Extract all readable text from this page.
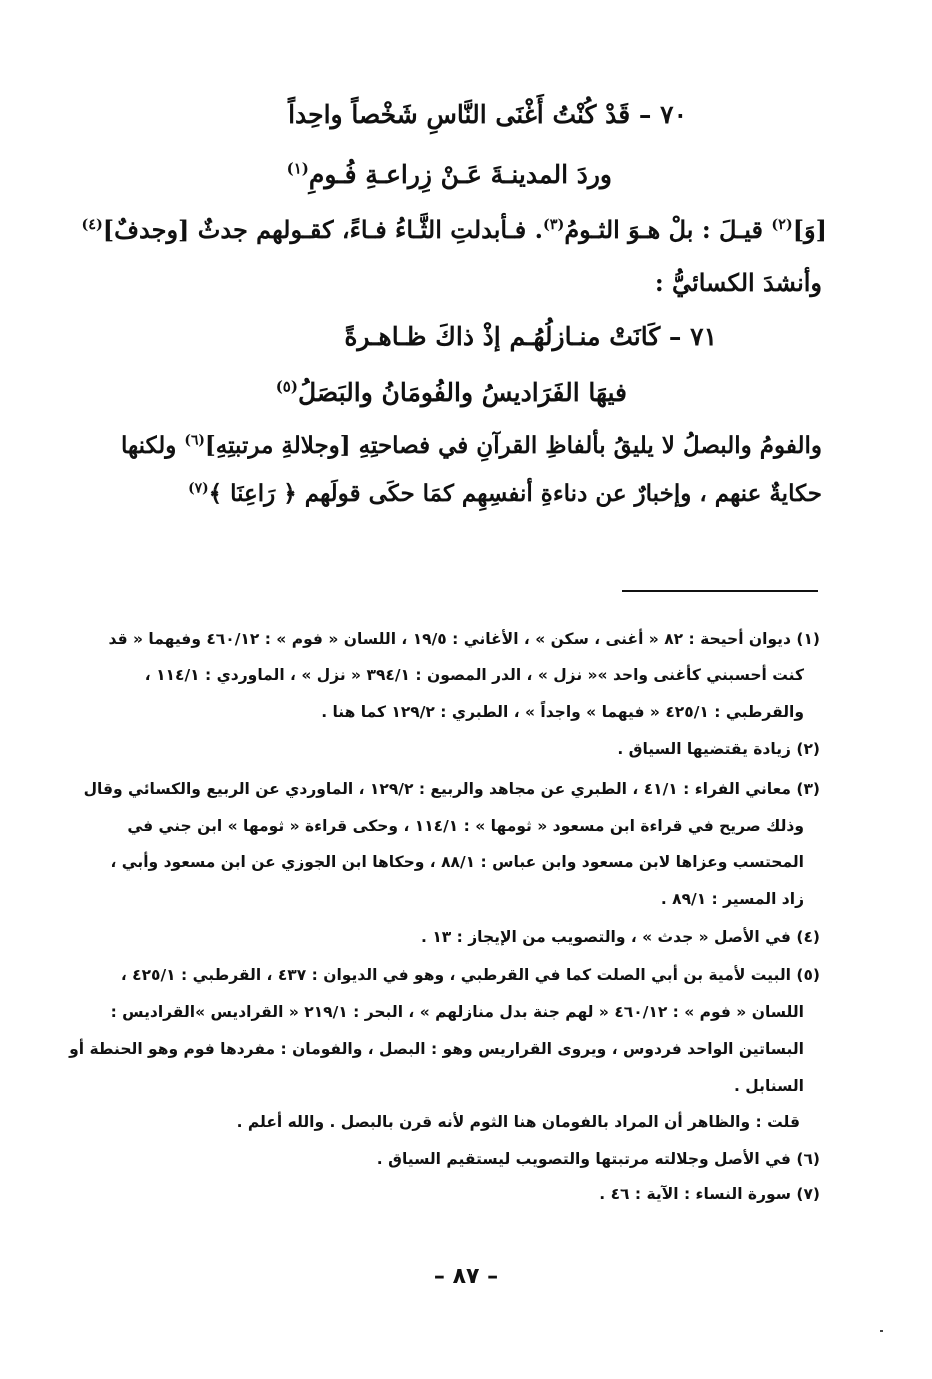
٧٠ – قَدْ كُنْتُ أَغْنَى النَّاسِ شَخْصاً واحِداً
وردَ المدينـةَ عَـنْ زِراعـةِ فُـومِ$^{(١)}$
[وَ]$^{(٢)}$ قيـلَ : بلْ هـوَ الثـومُ$^{(٣)}$. فـأبدلتِ الثَّـاءُ فـاءً، كقـولهم جدثٌ [وجدفٌ]$^{(٤)}$
وأنشدَ الكسائيُّ :
٧١ – كَانَتْ منـازلُهُـم إذْ ذاكَ ظـاهـرةً
فيهَا الفَرَاديسُ والفُومَانُ والبَصَلُ$^{(٥)}$
والفومُ والبصلُ لا يليقُ بألفاظِ القرآنِ في فصاحتِهِ [وجلالةِ مرتبتِهِ]$^{(٦)}$ ولكنها
حكايةٌ عنهم ، وإخبارٌ عن دناءةِ أنفسِهِم كمَا حكَى قولَهم ﴿ رَاعِنَا ﴾$^{(٧)}$
(١) ديوان أحيحة : ٨٢ « أغنى ، سكن » ، الأغاني : ١٩/٥ ، اللسان « فوم » : ٤٦٠/١٢ وفيهما « قد
كنت أحسبني كأغنى واحد »« نزل » ، الدر المصون : ٣٩٤/١ « نزل » ، الماوردي : ١١٤/١ ،
والقرطبي : ٤٢٥/١ « فيهما » واجداً » ، الطبري : ١٢٩/٢ كما هنا .
(٢) زيادة يقتضيها السياق .
(٣) معاني الفراء : ٤١/١ ، الطبري عن مجاهد والربيع : ١٢٩/٢ ، الماوردي عن الربيع والكسائي وقال
وذلك صريح في قراءة ابن مسعود « ثومها » : ١١٤/١ ، وحكى قراءة « ثومها » ابن جني في
المحتسب وعزاها لابن مسعود وابن عباس : ٨٨/١ ، وحكاها ابن الجوزي عن ابن مسعود وأبي ،
زاد المسير : ٨٩/١ .
(٤) في الأصل « جدث » ، والتصويب من الإيجاز : ١٣ .
(٥) البيت لأمية بن أبي الصلت كما في القرطبي ، وهو في الديوان : ٤٣٧ ، القرطبي : ٤٢٥/١ ،
اللسان « فوم » : ٤٦٠/١٢ « لهم جنة بدل منازلهم » ، البحر : ٢١٩/١ « القراديس »القراديس :
البساتين الواحد فردوس ، ويروى القراريس وهو : البصل ، والفومان : مفردها فوم وهو الحنطة أو
السنابل .
قلت : والظاهر أن المراد بالفومان هنا الثوم لأنه قرن بالبصل . والله أعلم .
(٦) في الأصل وجلالته مرتبتها والتصويب ليستقيم السياق .
(٧) سورة النساء : الآية : ٤٦ .
– ٨٧ –
